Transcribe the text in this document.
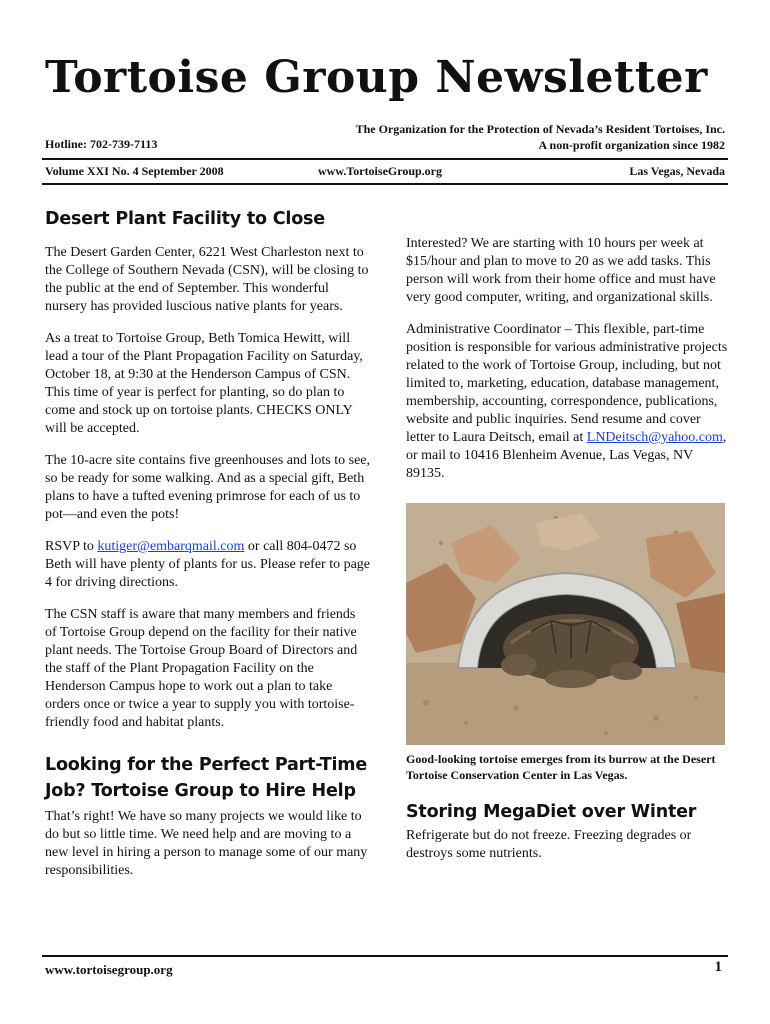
Tortoise Group Newsletter
Hotline: 702-739-7113
The Organization for the Protection of Nevada’s Resident Tortoises, Inc.
A non-profit organization since 1982
Volume XXI No. 4 September 2008	www.TortoiseGroup.org	Las Vegas, Nevada
Desert Plant Facility to Close

The Desert Garden Center, 6221 West Charleston next to the College of Southern Nevada (CSN), will be closing to the public at the end of September. This wonderful nursery has provided luscious native plants for years.

As a treat to Tortoise Group, Beth Tomica Hewitt, will lead a tour of the Plant Propagation Facility on Saturday, October 18, at 9:30 at the Henderson Campus of CSN. This time of year is perfect for planting, so do plan to come and stock up on tortoise plants. CHECKS ONLY will be accepted.

The 10-acre site contains five greenhouses and lots to see, so be ready for some walking. And as a special gift, Beth plans to have a tufted evening primrose for each of us to pot—and even the pots!

RSVP to kutiger@embarqmail.com or call 804-0472 so Beth will have plenty of plants for us. Please refer to page 4 for driving directions.

The CSN staff is aware that many members and friends of Tortoise Group depend on the facility for their native plant needs. The Tortoise Group Board of Directors and the staff of the Plant Propagation Facility on the Henderson Campus hope to work out a plan to take orders once or twice a year to supply you with tortoise-friendly food and habitat plants.

Looking for the Perfect Part-Time Job? Tortoise Group to Hire Help

That’s right! We have so many projects we would like to do but so little time. We need help and are moving to a new level in hiring a person to manage some of our many responsibilities.

Interested? We are starting with 10 hours per week at $15/hour and plan to move to 20 as we add tasks. This person will work from their home office and must have very good computer, writing, and organizational skills.

Administrative Coordinator – This flexible, part-time position is responsible for various administrative projects related to the work of Tortoise Group, including, but not limited to, marketing, education, database management, membership, accounting, correspondence, publications, website and public inquiries. Send resume and cover letter to Laura Deitsch, email at LNDeitsch@yahoo.com, or mail to 10416 Blenheim Avenue, Las Vegas, NV 89135.

Good-looking tortoise emerges from its burrow at the Desert Tortoise Conservation Center in Las Vegas.
Storing MegaDiet over Winter

Refrigerate but do not freeze. Freezing degrades or destroys some nutrients.

www.tortoisegroup.org	1
